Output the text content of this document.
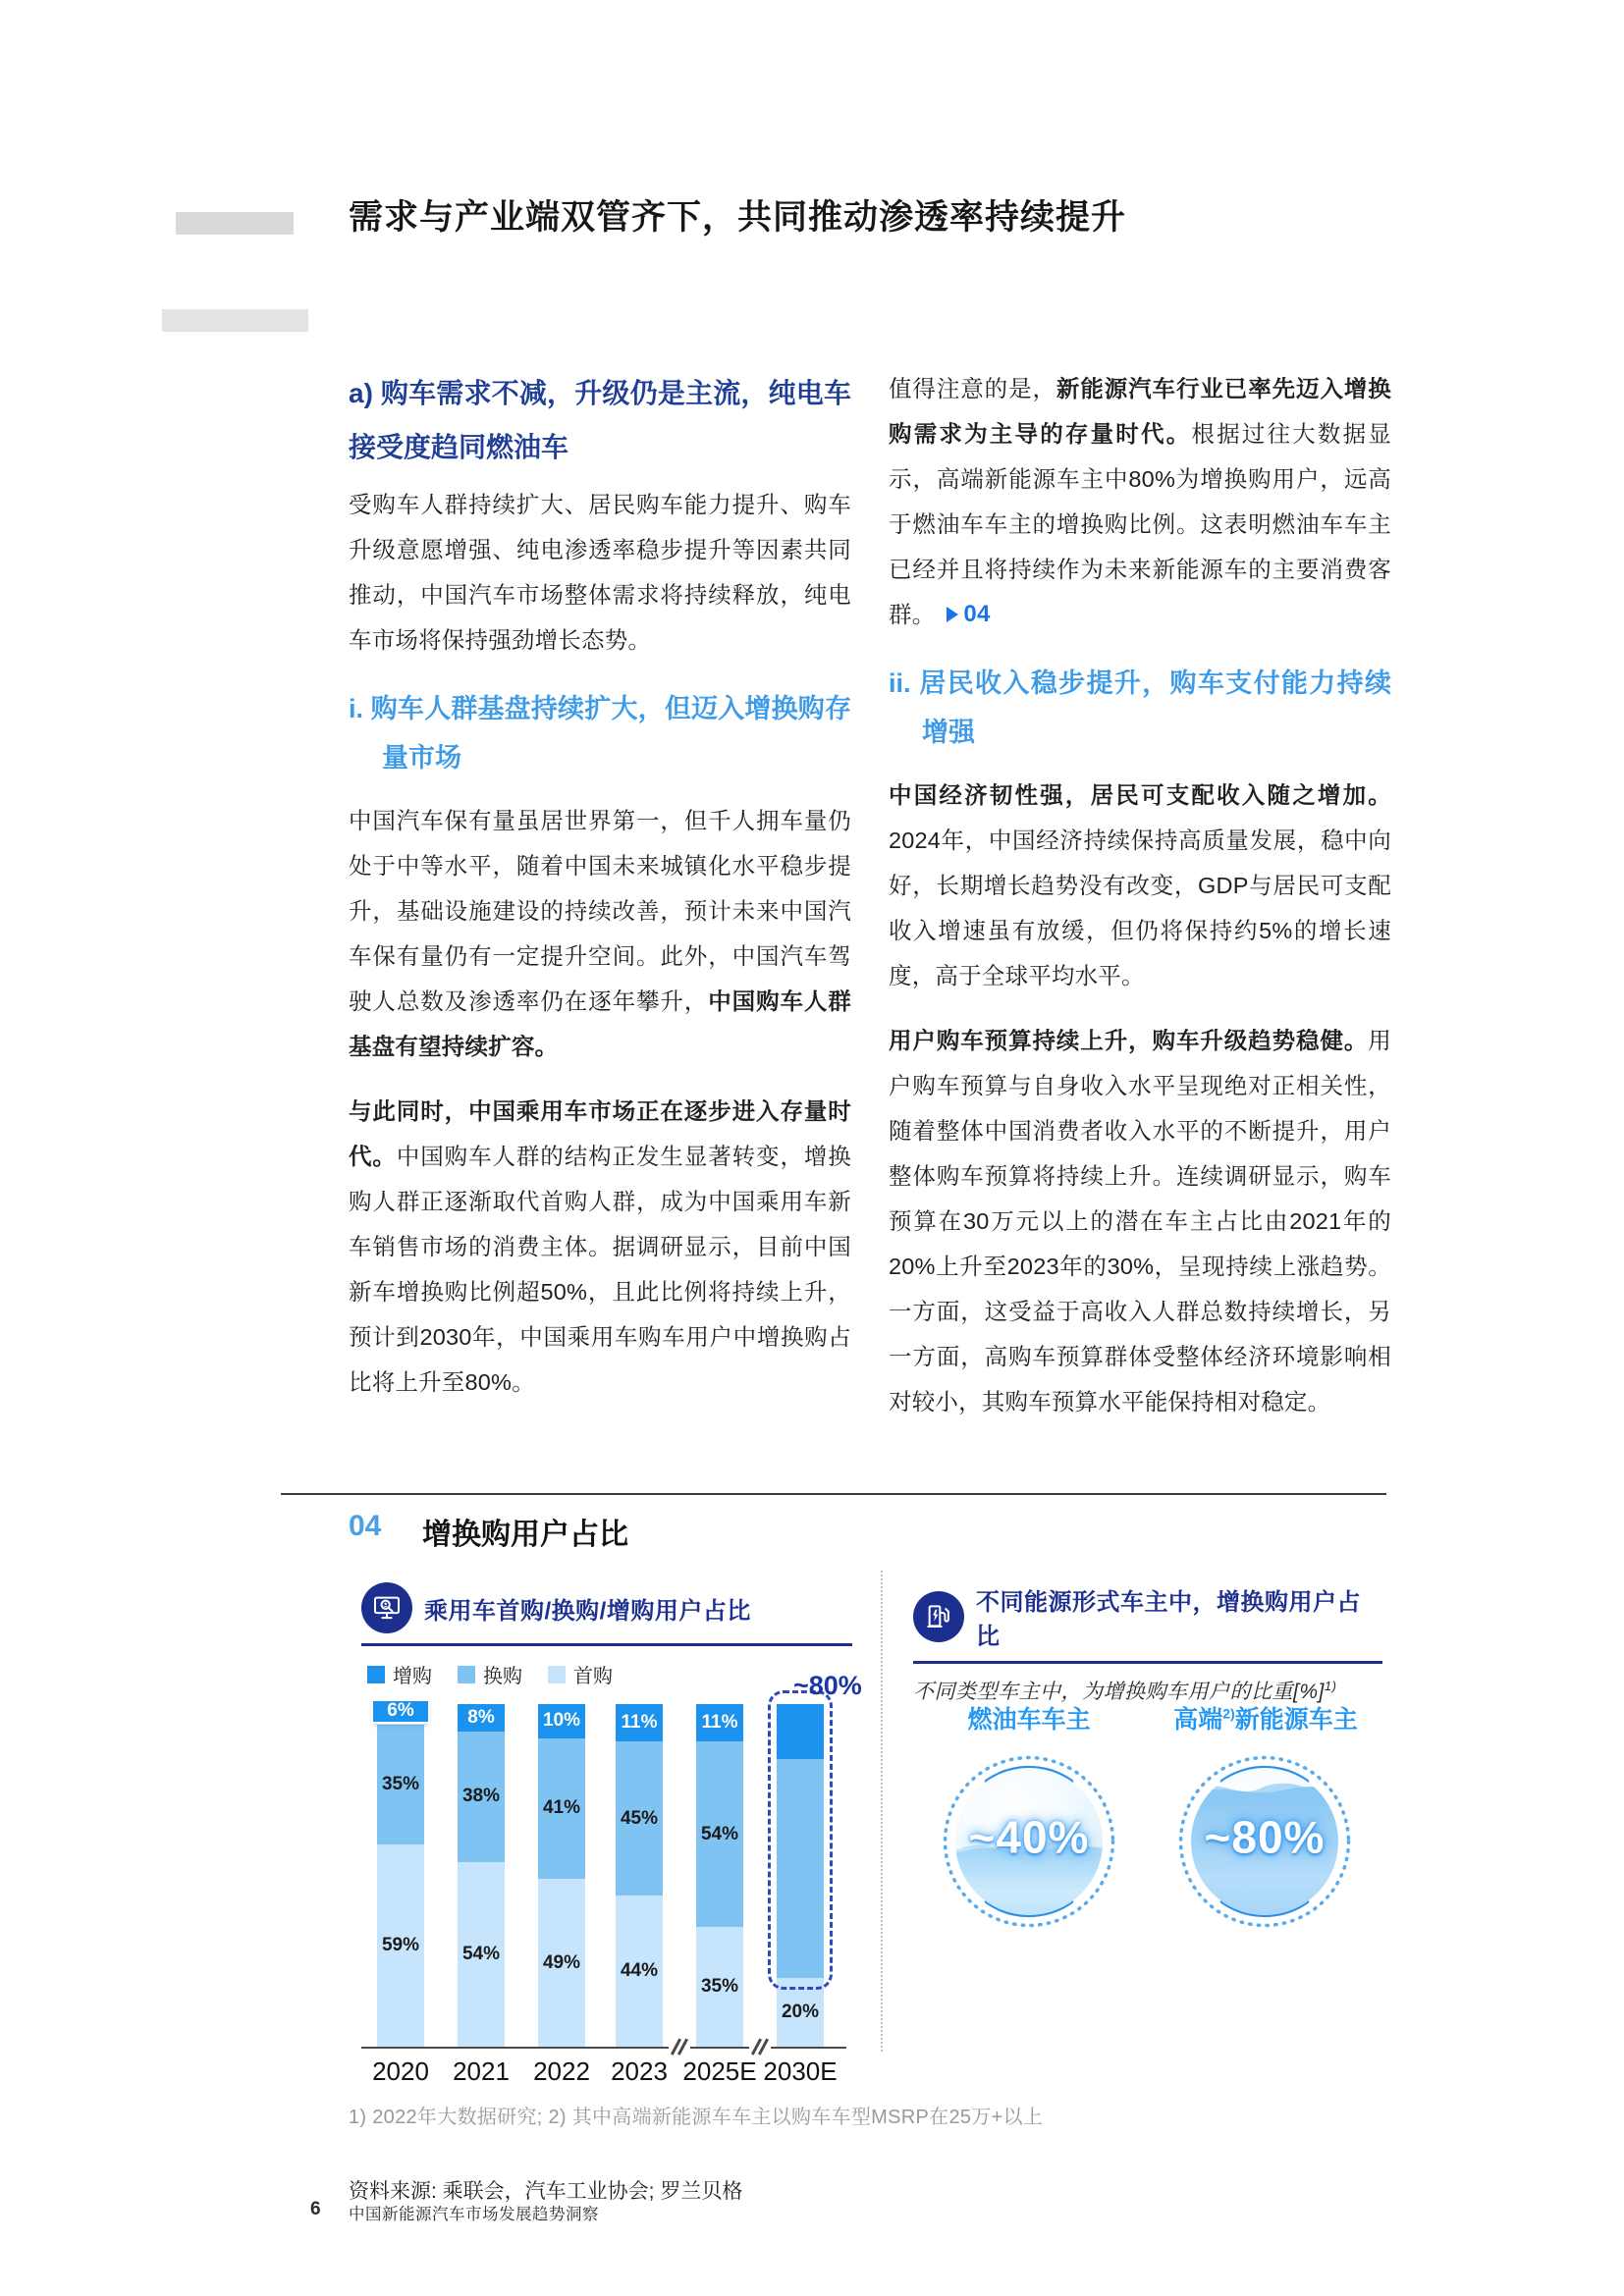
需求与产业端双管齐下，共同推动渗透率持续提升
a) 购车需求不减，升级仍是主流，纯电车接受度趋同燃油车

受购车人群持续扩大、居民购车能力提升、购车升级意愿增强、纯电渗透率稳步提升等因素共同推动，中国汽车市场整体需求将持续释放，纯电车市场将保持强劲增长态势。

i. 购车人群基盘持续扩大，但迈入增换购存量市场

中国汽车保有量虽居世界第一，但千人拥车量仍处于中等水平，随着中国未来城镇化水平稳步提升，基础设施建设的持续改善，预计未来中国汽车保有量仍有一定提升空间。此外，中国汽车驾驶人总数及渗透率仍在逐年攀升，中国购车人群基盘有望持续扩容。

与此同时，中国乘用车市场正在逐步进入存量时代。中国购车人群的结构正发生显著转变，增换购人群正逐渐取代首购人群，成为中国乘用车新车销售市场的消费主体。据调研显示，目前中国新车增换购比例超50%，且此比例将持续上升，预计到2030年，中国乘用车购车用户中增换购占比将上升至80%。

值得注意的是，新能源汽车行业已率先迈入增换购需求为主导的存量时代。根据过往大数据显示，高端新能源车主中80%为增换购用户，远高于燃油车车主的增换购比例。这表明燃油车车主已经并且将持续作为未来新能源车的主要消费客群。 04

ii. 居民收入稳步提升，购车支付能力持续增强

中国经济韧性强，居民可支配收入随之增加。2024年，中国经济持续保持高质量发展，稳中向好，长期增长趋势没有改变，GDP与居民可支配收入增速虽有放缓，但仍将保持约5%的增长速度，高于全球平均水平。

用户购车预算持续上升，购车升级趋势稳健。用户购车预算与自身收入水平呈现绝对正相关性，随着整体中国消费者收入水平的不断提升，用户整体购车预算将持续上升。连续调研显示，购车预算在30万元以上的潜在车主占比由2021年的20%上升至2023年的30%，呈现持续上涨趋势。一方面，这受益于高收入人群总数持续增长，另一方面，高购车预算群体受整体经济环境影响相对较小，其购车预算水平能保持相对稳定。

04 增换购用户占比
乘用车首购/换购/增购用户占比
增购	换购	首购	~80%
6%
35%
59%
2020
8%
38%
54%
2021
10%
41%
49%
2022
11%
45%
44%
2023
11%
54%
35%
2025E
20%
2030E
不同能源形式车主中，增换购用户占比
不同类型车主中，为增换购车用户的比重[%]$^{1)}$
燃油车车主	高端$^{2)}$新能源车主
~40%	~80%
1) 2022年大数据研究; 2) 其中高端新能源车车主以购车车型MSRP在25万+以上
资料来源: 乘联会，汽车工业协会; 罗兰贝格
6 中国新能源汽车市场发展趋势洞察
